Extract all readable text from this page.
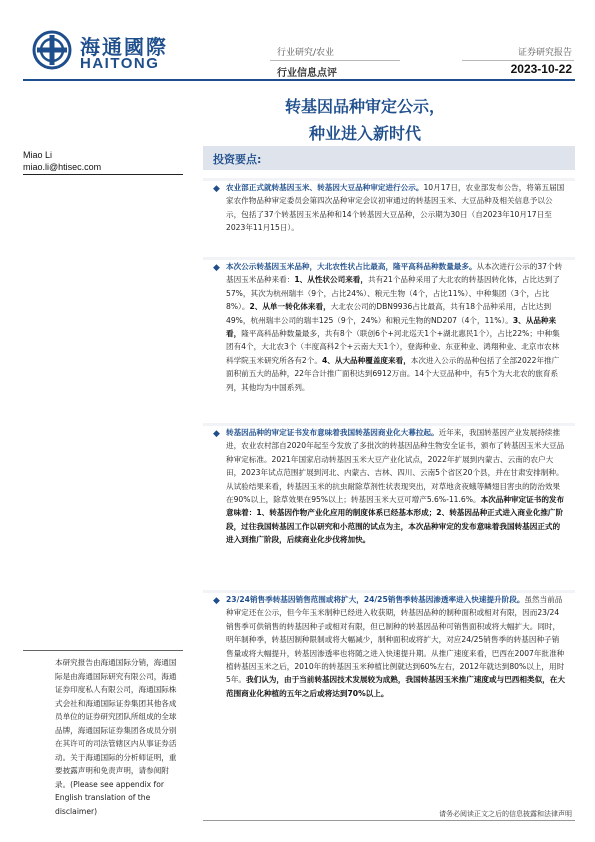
海通國際
HAITONG
行业研究/农业
行业信息点评
证券研究报告
2023-10-22
转基因品种审定公示，
种业进入新时代
Miao Li
miao.li@htisec.com
投资要点:
◆ 农业部正式就转基因玉米、转基因大豆品种审定进行公示。10月17日，农业部发布公告，将第五届国家农作物品种审定委员会第四次品种审定会议初审通过的转基因玉米、大豆品种及相关信息予以公示，包括了37个转基因玉米品种和14个转基因大豆品种，公示期为30日（自2023年10月17日至2023年11月15日）。
◆ 本次公示转基因玉米品种，大北农性状占比最高，隆平高科品种数量最多。从本次进行公示的37个转基因玉米品种来看：1、从性状公司来看，共有21个品种采用了大北农的转基因转化体，占比达到了57%，其次为杭州瑞丰（9个，占比24%）、粮元生物（4个，占比11%）、中种集团（3个，占比8%）。2、从单一转化体来看，大北农公司的DBN9936占比最高，共有18个品种采用，占比达到49%，杭州瑞丰公司的瑞丰125（9个，24%）和粮元生物的ND207（4个，11%）。3、从品种来看，隆平高科品种数量最多，共有8个（联创6个+河北巡天1个+湖北惠民1个），占比22%；中种集团有4个，大北农3个（丰度高科2个+云南大天1个），登海种业、东亚种业、鸿翔种业、北京市农林科学院玉米研究所各有2个。4、从大品种覆盖度来看，本次进入公示的品种包括了全部2022年推广面积前五大的品种，22年合计推广面积达到6912万亩。14个大豆品种中，有5个为大北农的旅育系列，其他均为中国系列。
◆ 转基因品种的审定证书发布意味着我国转基因商业化大幕拉起。近年来，我国转基因产业发展持续推进，农业农村部自2020年起至今发放了多批次的转基因品种生物安全证书，颁布了转基因玉米大豆品种审定标准。2021年国家启动转基因玉米大豆产业化试点，2022年扩展到内蒙古、云南的农户大田，2023年试点范围扩展到河北、内蒙古、吉林、四川、云南5个省区20个县，并在甘肃安排制种。从试验结果来看，转基因玉米的抗虫耐除草剂性状表现突出，对草地贪夜蛾等鳞翅目害虫的防治效果在90%以上，除草效果在95%以上；转基因玉米大豆可增产5.6%-11.6%。本次品种审定证书的发布意味着：1、转基因作物产业化应用的制度体系已经基本形成；2、转基因品种正式进入商业化推广阶段，过往我国转基因工作以研究和小范围的试点为主，本次品种审定的发布意味着我国转基因正式的进入到推广阶段，后续商业化步伐将加快。
◆ 23/24销售季转基因销售范围或将扩大，24/25销售季转基因渗透率进入快速提升阶段。虽然当前品种审定还在公示，但今年玉米制种已经进入收获期，转基因品种的制种面积或相对有限，因而23/24销售季可供销售的转基因种子或相对有限，但已制种的转基因品种可销售面积或将大幅扩大。同时，明年制种季，转基因制种限制或将大幅减少，制种面积或将扩大，对应24/25销售季的转基因种子销售量或将大幅提升，转基因渗透率也将随之进入快速提升期。从推广速度来看，巴西在2007年批准种植转基因玉米之后，2010年的转基因玉米种植比例就达到60%左右，2012年就达到80%以上，用时5年。我们认为，由于当前转基因技术发展较为成熟，我国转基因玉米推广速度或与巴西相类似，在大范围商业化种植的五年之后或将达到70%以上。
本研究报告由海通国际分销，海通国际是由海通国际研究有限公司，海通证券印度私人有限公司，海通国际株式会社和海通国际证券集团其他各成员单位的证券研究团队所组成的全球品牌，海通国际证券集团各成员分别在其许可的司法管辖区内从事证券活动。关于海通国际的分析师证明，重要披露声明和免责声明，请参阅附录。(Please see appendix for English translation of the disclaimer)	请务必阅读正文之后的信息披露和法律声明
